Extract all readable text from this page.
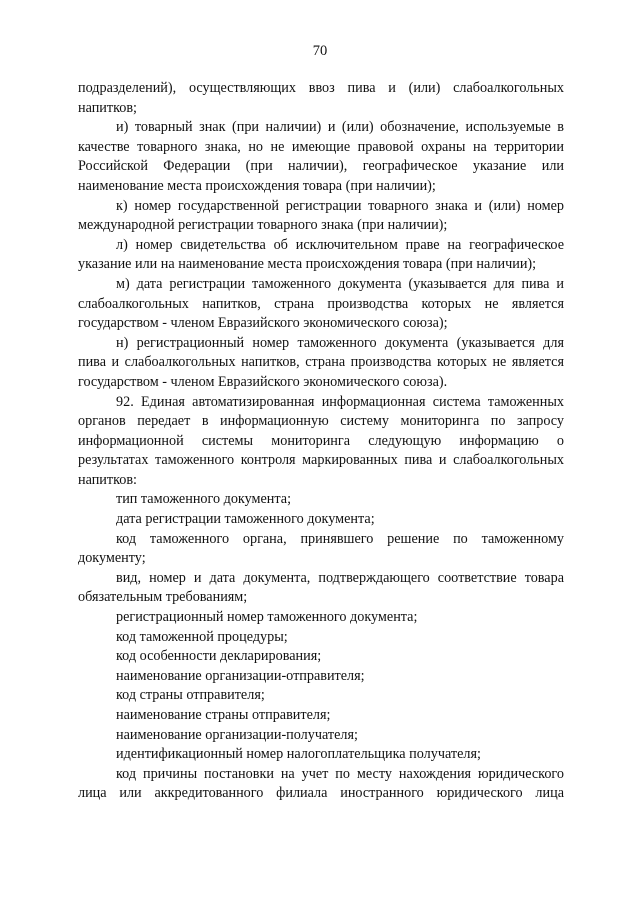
70

подразделений), осуществляющих ввоз пива и (или) слабоалкогольных напитков;

и) товарный знак (при наличии) и (или) обозначение, используемые в качестве товарного знака, но не имеющие правовой охраны на территории Российской Федерации (при наличии), географическое указание или наименование места происхождения товара (при наличии);

к) номер государственной регистрации товарного знака и (или) номер международной регистрации товарного знака (при наличии);

л) номер свидетельства об исключительном праве на географическое указание или на наименование места происхождения товара (при наличии);

м) дата регистрации таможенного документа (указывается для пива и слабоалкогольных напитков, страна производства которых не является государством - членом Евразийского экономического союза);

н) регистрационный номер таможенного документа (указывается для пива и слабоалкогольных напитков, страна производства которых не является государством - членом Евразийского экономического союза).

92. Единая автоматизированная информационная система таможенных органов передает в информационную систему мониторинга по запросу информационной системы мониторинга следующую информацию о результатах таможенного контроля маркированных пива и слабоалкогольных напитков:

тип таможенного документа;

дата регистрации таможенного документа;

код таможенного органа, принявшего решение по таможенному документу;

вид, номер и дата документа, подтверждающего соответствие товара обязательным требованиям;

регистрационный номер таможенного документа;

код таможенной процедуры;

код особенности декларирования;

наименование организации-отправителя;

код страны отправителя;

наименование страны отправителя;

наименование организации-получателя;

идентификационный номер налогоплательщика получателя;

код причины постановки на учет по месту нахождения юридического лица или аккредитованного филиала иностранного юридического лица
